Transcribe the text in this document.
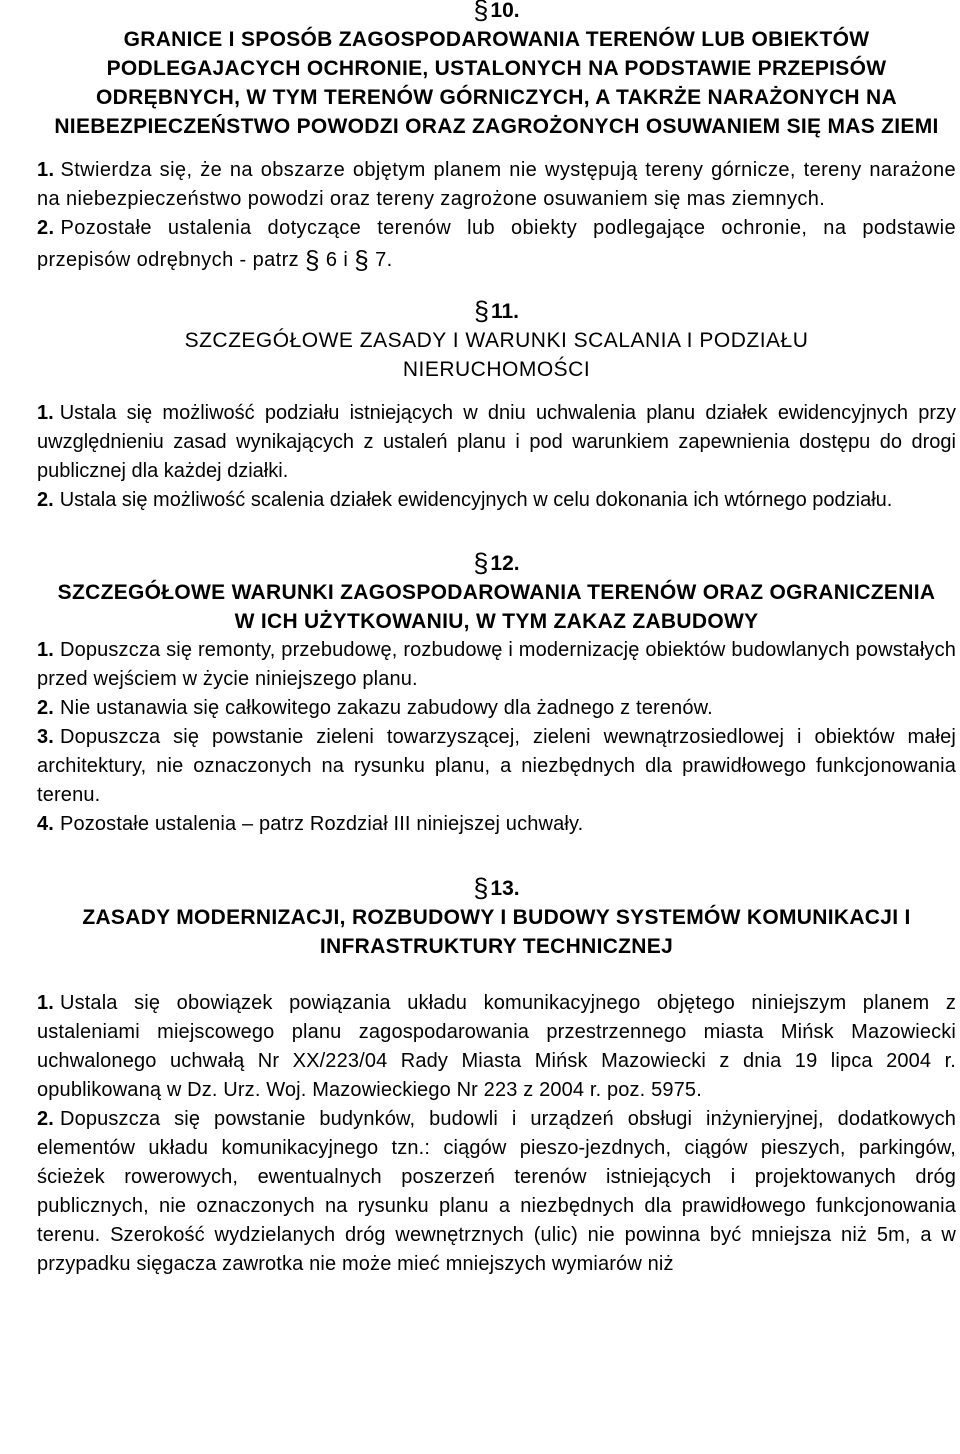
§10.

GRANICE I SPOSÓB ZAGOSPODAROWANIA TERENÓW LUB OBIEKTÓW PODLEGAJACYCH OCHRONIE, USTALONYCH NA PODSTAWIE PRZEPISÓW ODRĘBNYCH, W TYM TERENÓW GÓRNICZYCH, A TAKRŻE NARAŻONYCH NA NIEBEZPIECZEŃSTWO POWODZI ORAZ ZAGROŻONYCH OSUWANIEM SIĘ MAS ZIEMI

1. Stwierdza się, że na obszarze objętym planem nie występują tereny górnicze, tereny narażone na niebezpieczeństwo powodzi oraz tereny zagrożone osuwaniem się mas ziemnych.

2. Pozostałe ustalenia dotyczące terenów lub obiekty podlegające ochronie, na podstawie przepisów odrębnych - patrz § 6 i § 7.

§11.

SZCZEGÓŁOWE ZASADY I WARUNKI SCALANIA I PODZIAŁU NIERUCHOMOŚCI

1. Ustala się możliwość podziału istniejących w dniu uchwalenia planu działek ewidencyjnych przy uwzględnieniu zasad wynikających z ustaleń planu i pod warunkiem zapewnienia dostępu do drogi publicznej dla każdej działki.

2. Ustala się możliwość scalenia działek ewidencyjnych w celu dokonania ich wtórnego podziału.

§12.

SZCZEGÓŁOWE WARUNKI ZAGOSPODAROWANIA TERENÓW ORAZ OGRANICZENIA W ICH UŻYTKOWANIU, W TYM ZAKAZ ZABUDOWY

1. Dopuszcza się remonty, przebudowę, rozbudowę i modernizację obiektów budowlanych powstałych przed wejściem w życie niniejszego planu.

2. Nie ustanawia się całkowitego zakazu zabudowy dla żadnego z terenów.

3. Dopuszcza się powstanie zieleni towarzyszącej, zieleni wewnątrzosiedlowej i obiektów małej architektury, nie oznaczonych na rysunku planu, a niezbędnych dla prawidłowego funkcjonowania terenu.

4. Pozostałe ustalenia – patrz Rozdział III niniejszej uchwały.

§13.

ZASADY MODERNIZACJI, ROZBUDOWY I BUDOWY SYSTEMÓW KOMUNIKACJI I INFRASTRUKTURY TECHNICZNEJ

1. Ustala się obowiązek powiązania układu komunikacyjnego objętego niniejszym planem z ustaleniami miejscowego planu zagospodarowania przestrzennego miasta Mińsk Mazowiecki uchwalonego uchwałą Nr XX/223/04 Rady Miasta Mińsk Mazowiecki z dnia 19 lipca 2004 r. opublikowaną w Dz. Urz. Woj. Mazowieckiego Nr 223 z 2004 r. poz. 5975.

2. Dopuszcza się powstanie budynków, budowli i urządzeń obsługi inżynieryjnej, dodatkowych elementów układu komunikacyjnego tzn.: ciągów pieszo-jezdnych, ciągów pieszych, parkingów, ścieżek rowerowych, ewentualnych poszerzeń terenów istniejących i projektowanych dróg publicznych, nie oznaczonych na rysunku planu a niezbędnych dla prawidłowego funkcjonowania terenu. Szerokość wydzielanych dróg wewnętrznych (ulic) nie powinna być mniejsza niż 5m, a w przypadku sięgacza zawrotka nie może mieć mniejszych wymiarów niż
